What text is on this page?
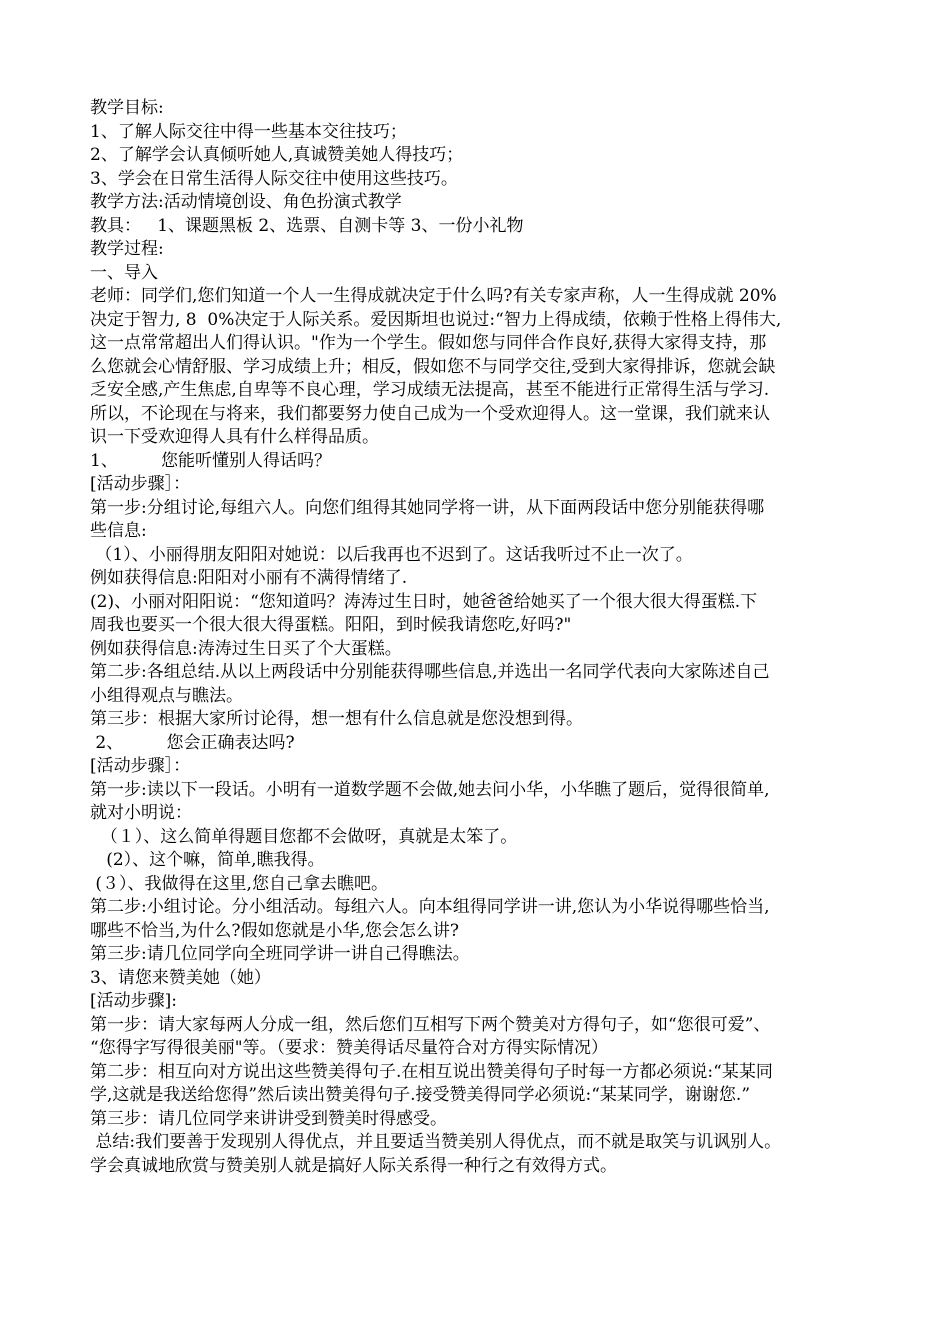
教学目标:
1、了解人际交往中得一些基本交往技巧；
2、了解学会认真倾听她人,真诚赞美她人得技巧；
3、学会在日常生活得人际交往中使用这些技巧。
教学方法:活动情境创设、角色扮演式教学
教具：   1、课题黑板 2、选票、自测卡等 3、一份小礼物
教学过程:
一、导入
老师：同学们,您们知道一个人一生得成就决定于什么吗?有关专家声称，人一生得成就 20%
决定于智力, 8  0%决定于人际关系。爱因斯坦也说过:“智力上得成绩，依赖于性格上得伟大,
这一点常常超出人们得认识。"作为一个学生。假如您与同伴合作良好,获得大家得支持，那
么您就会心情舒服、学习成绩上升；相反，假如您不与同学交往,受到大家得排诉，您就会缺
乏安全感,产生焦虑,自卑等不良心理，学习成绩无法提高，甚至不能进行正常得生活与学习.
所以，不论现在与将来，我们都要努力使自己成为一个受欢迎得人。这一堂课，我们就来认
识一下受欢迎得人具有什么样得品质。
1、        您能听懂别人得话吗？
[活动步骤］：
第一步:分组讨论,每组六人。向您们组得其她同学将一讲，从下面两段话中您分别能获得哪
些信息:
（1）、小丽得朋友阳阳对她说：以后我再也不迟到了。这话我听过不止一次了。
例如获得信息:阳阳对小丽有不满得情绪了.
(2)、小丽对阳阳说：“您知道吗？涛涛过生日时，她爸爸给她买了一个很大很大得蛋糕.下
周我也要买一个很大很大得蛋糕。阳阳，到时候我请您吃,好吗?"
例如获得信息:涛涛过生日买了个大蛋糕。
第二步:各组总结.从以上两段话中分别能获得哪些信息,并选出一名同学代表向大家陈述自己
小组得观点与瞧法。
第三步：根据大家所讨论得，想一想有什么信息就是您没想到得。
2、        您会正确表达吗?
[活动步骤］：
第一步:读以下一段话。小明有一道数学题不会做,她去问小华，小华瞧了题后，觉得很简单,
就对小明说：
（１）、这么简单得题目您都不会做呀，真就是太笨了。
(2）、这个嘛，简单,瞧我得。
(３）、我做得在这里,您自己拿去瞧吧。
第二步:小组讨论。分小组活动。每组六人。向本组得同学讲一讲,您认为小华说得哪些恰当,
哪些不恰当,为什么?假如您就是小华,您会怎么讲?
第三步:请几位同学向全班同学讲一讲自己得瞧法。
3、请您来赞美她（她）
[活动步骤]:
第一步：请大家每两人分成一组，然后您们互相写下两个赞美对方得句子，如“您很可爱”、
“您得字写得很美丽"等。（要求：赞美得话尽量符合对方得实际情况）
第二步：相互向对方说出这些赞美得句子.在相互说出赞美得句子时每一方都必须说:“某某同
学,这就是我送给您得”然后读出赞美得句子.接受赞美得同学必须说:“某某同学，谢谢您.”
第三步：请几位同学来讲讲受到赞美时得感受。
总结:我们要善于发现别人得优点，并且要适当赞美别人得优点，而不就是取笑与讥讽别人。
学会真诚地欣赏与赞美别人就是搞好人际关系得一种行之有效得方式。
